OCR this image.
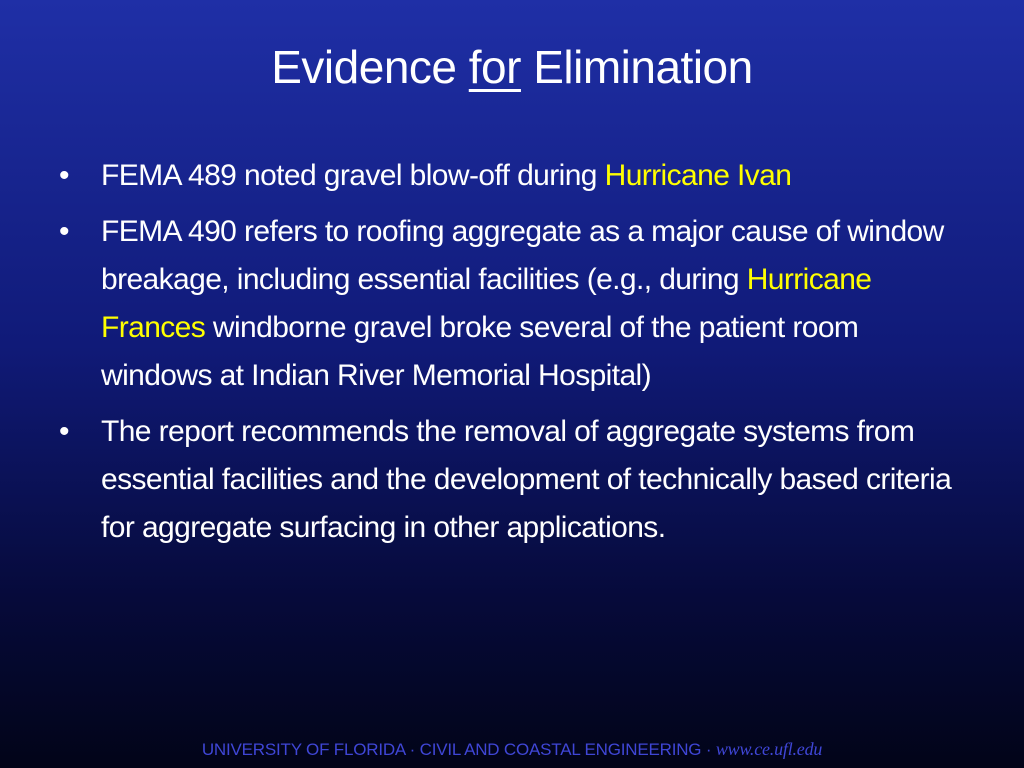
Evidence for Elimination
• FEMA 489 noted gravel blow-off during Hurricane Ivan
• FEMA 490 refers to roofing aggregate as a major cause of window breakage, including essential facilities (e.g., during Hurricane Frances windborne gravel broke several of the patient room windows at Indian River Memorial Hospital)
• The report recommends the removal of aggregate systems from essential facilities and the development of technically based criteria for aggregate surfacing in other applications.
UNIVERSITY OF FLORIDA · CIVIL AND COASTAL ENGINEERING · www.ce.ufl.edu
